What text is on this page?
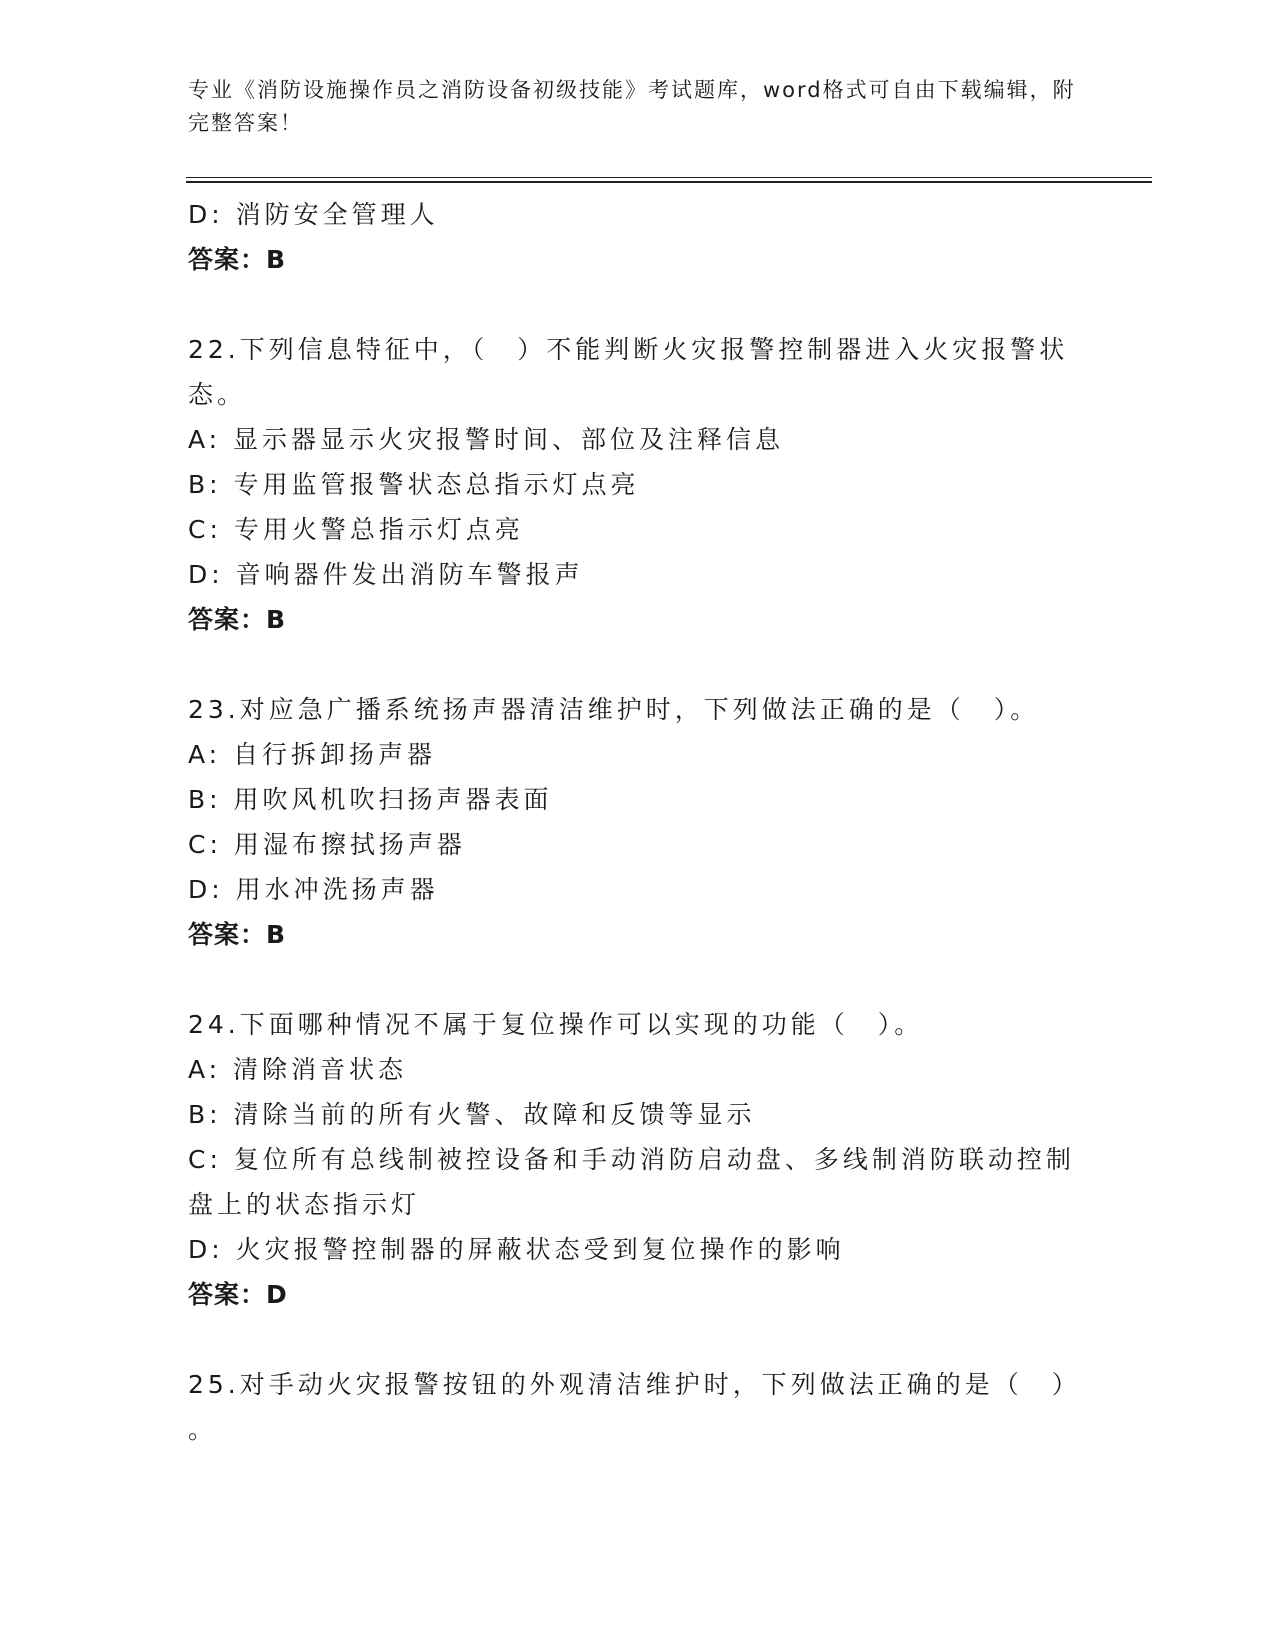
专业《消防设施操作员之消防设备初级技能》考试题库，word格式可自由下载编辑，附完整答案！

D: 消防安全管理人
答案：B
22.下列信息特征中，（　）不能判断火灾报警控制器进入火灾报警状
态。
A: 显示器显示火灾报警时间、部位及注释信息
B: 专用监管报警状态总指示灯点亮
C: 专用火警总指示灯点亮
D: 音响器件发出消防车警报声
答案：B
23.对应急广播系统扬声器清洁维护时，下列做法正确的是（　）。
A: 自行拆卸扬声器
B: 用吹风机吹扫扬声器表面
C: 用湿布擦拭扬声器
D: 用水冲洗扬声器
答案：B
24.下面哪种情况不属于复位操作可以实现的功能（　）。
A: 清除消音状态
B: 清除当前的所有火警、故障和反馈等显示
C: 复位所有总线制被控设备和手动消防启动盘、多线制消防联动控制
盘上的状态指示灯
D: 火灾报警控制器的屏蔽状态受到复位操作的影响
答案：D
25.对手动火灾报警按钮的外观清洁维护时，下列做法正确的是（　）
。
